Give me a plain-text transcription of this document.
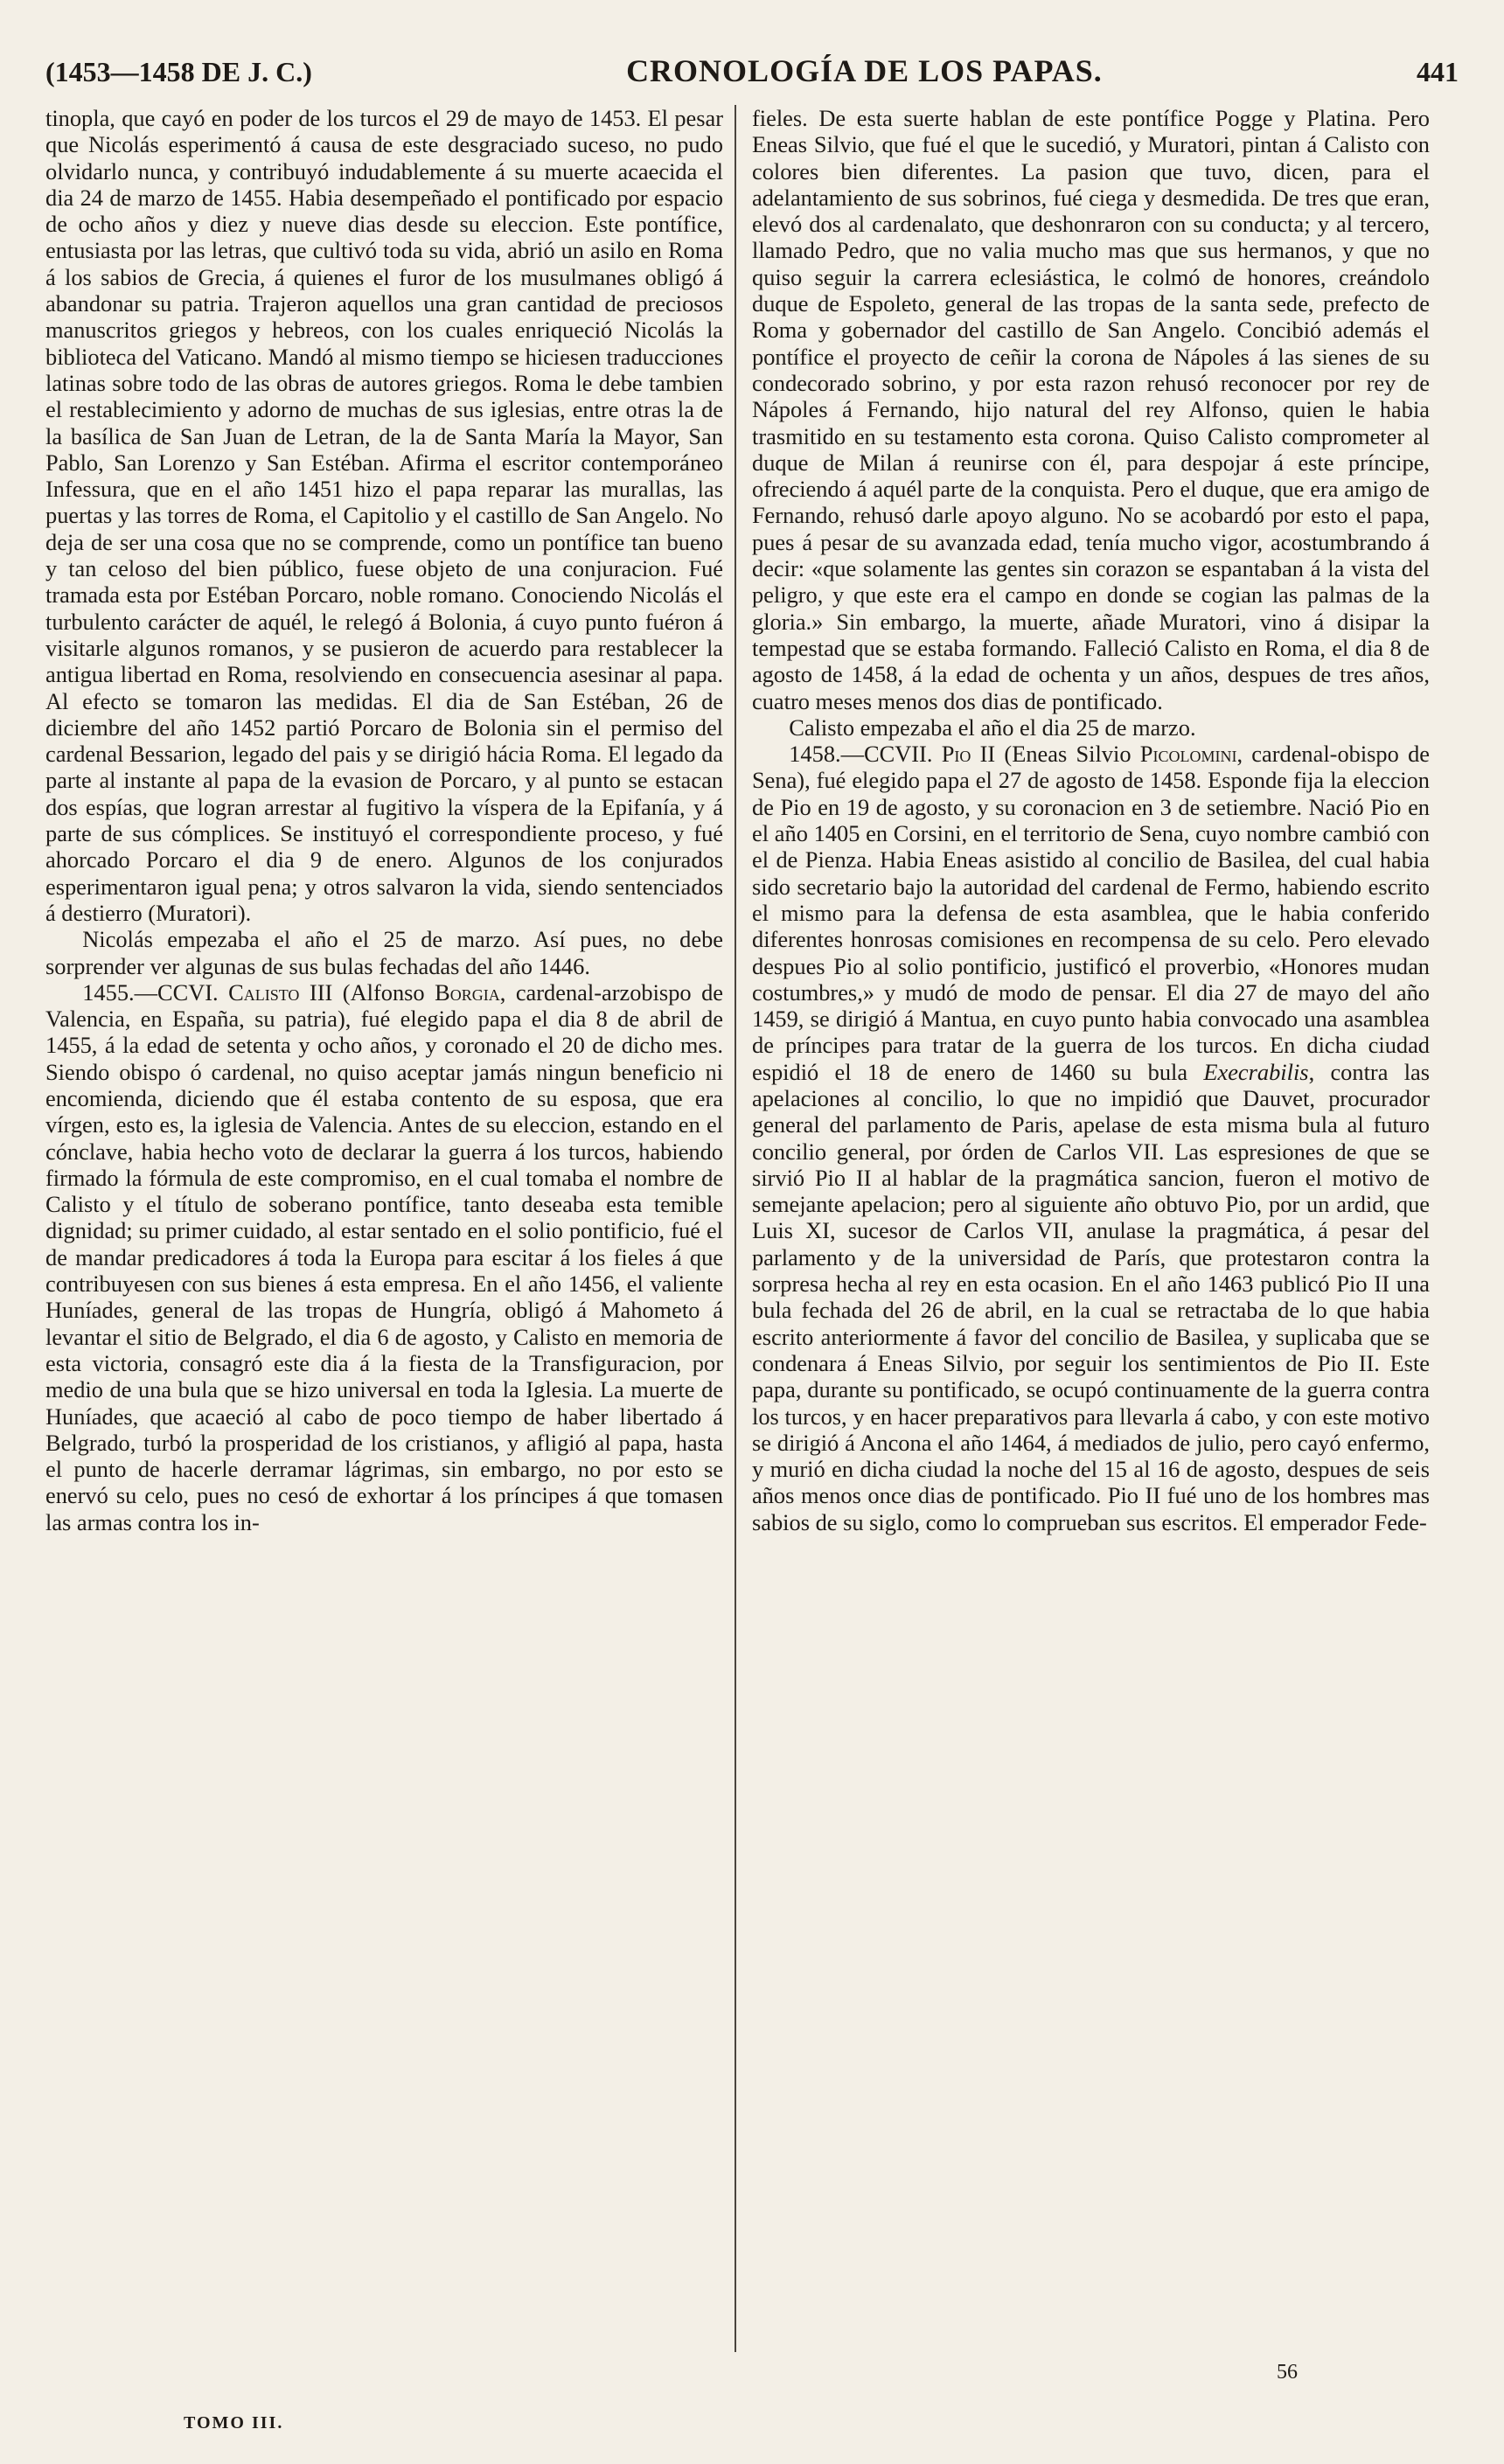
(1453—1458 DE J. C.)	CRONOLOGÍA DE LOS PAPAS.	441

tinopla, que cayó en poder de los turcos el 29 de mayo de 1453. El pesar que Nicolás esperimentó á causa de este desgraciado suceso, no pudo olvidarlo nunca, y contribuyó indudablemente á su muerte acaecida el dia 24 de marzo de 1455. Habia desempeñado el pontificado por espacio de ocho años y diez y nueve dias desde su eleccion. Este pontífice, entusiasta por las letras, que cultivó toda su vida, abrió un asilo en Roma á los sabios de Grecia, á quienes el furor de los musulmanes obligó á abandonar su patria. Trajeron aquellos una gran cantidad de preciosos manuscritos griegos y hebreos, con los cuales enriqueció Nicolás la biblioteca del Vaticano. Mandó al mismo tiempo se hiciesen traducciones latinas sobre todo de las obras de autores griegos. Roma le debe tambien el restablecimiento y adorno de muchas de sus iglesias, entre otras la de la basílica de San Juan de Letran, de la de Santa María la Mayor, San Pablo, San Lorenzo y San Estéban. Afirma el escritor contemporáneo Infessura, que en el año 1451 hizo el papa reparar las murallas, las puertas y las torres de Roma, el Capitolio y el castillo de San Angelo. No deja de ser una cosa que no se comprende, como un pontífice tan bueno y tan celoso del bien público, fuese objeto de una conjuracion. Fué tramada esta por Estéban Porcaro, noble romano. Conociendo Nicolás el turbulento carácter de aquél, le relegó á Bolonia, á cuyo punto fuéron á visitarle algunos romanos, y se pusieron de acuerdo para restablecer la antigua libertad en Roma, resolviendo en consecuencia asesinar al papa. Al efecto se tomaron las medidas. El dia de San Estéban, 26 de diciembre del año 1452 partió Porcaro de Bolonia sin el permiso del cardenal Bessarion, legado del pais y se dirigió hácia Roma. El legado da parte al instante al papa de la evasion de Porcaro, y al punto se estacan dos espías, que logran arrestar al fugitivo la víspera de la Epifanía, y á parte de sus cómplices. Se instituyó el correspondiente proceso, y fué ahorcado Porcaro el dia 9 de enero. Algunos de los conjurados esperimentaron igual pena; y otros salvaron la vida, siendo sentenciados á destierro (Muratori).

Nicolás empezaba el año el 25 de marzo. Así pues, no debe sorprender ver algunas de sus bulas fechadas del año 1446.

1455.—CCVI. Calisto III (Alfonso Borgia, cardenal-arzobispo de Valencia, en España, su patria), fué elegido papa el dia 8 de abril de 1455, á la edad de setenta y ocho años, y coronado el 20 de dicho mes. Siendo obispo ó cardenal, no quiso aceptar jamás ningun beneficio ni encomienda, diciendo que él estaba contento de su esposa, que era vírgen, esto es, la iglesia de Valencia. Antes de su eleccion, estando en el cónclave, habia hecho voto de declarar la guerra á los turcos, habiendo firmado la fórmula de este compromiso, en el cual tomaba el nombre de Calisto y el título de soberano pontífice, tanto deseaba esta temible dignidad; su primer cuidado, al estar sentado en el solio pontificio, fué el de mandar predicadores á toda la Europa para escitar á los fieles á que contribuyesen con sus bienes á esta empresa. En el año 1456, el valiente Huníades, general de las tropas de Hungría, obligó á Mahometo á levantar el sitio de Belgrado, el dia 6 de agosto, y Calisto en memoria de esta victoria, consagró este dia á la fiesta de la Transfiguracion, por medio de una bula que se hizo universal en toda la Iglesia. La muerte de Huníades, que acaeció al cabo de poco tiempo de haber libertado á Belgrado, turbó la prosperidad de los cristianos, y afligió al papa, hasta el punto de hacerle derramar lágrimas, sin embargo, no por esto se enervó su celo, pues no cesó de exhortar á los príncipes á que tomasen las armas contra los in-

fieles. De esta suerte hablan de este pontífice Pogge y Platina. Pero Eneas Silvio, que fué el que le sucedió, y Muratori, pintan á Calisto con colores bien diferentes. La pasion que tuvo, dicen, para el adelantamiento de sus sobrinos, fué ciega y desmedida. De tres que eran, elevó dos al cardenalato, que deshonraron con su conducta; y al tercero, llamado Pedro, que no valia mucho mas que sus hermanos, y que no quiso seguir la carrera eclesiástica, le colmó de honores, creándolo duque de Espoleto, general de las tropas de la santa sede, prefecto de Roma y gobernador del castillo de San Angelo. Concibió además el pontífice el proyecto de ceñir la corona de Nápoles á las sienes de su condecorado sobrino, y por esta razon rehusó reconocer por rey de Nápoles á Fernando, hijo natural del rey Alfonso, quien le habia trasmitido en su testamento esta corona. Quiso Calisto comprometer al duque de Milan á reunirse con él, para despojar á este príncipe, ofreciendo á aquél parte de la conquista. Pero el duque, que era amigo de Fernando, rehusó darle apoyo alguno. No se acobardó por esto el papa, pues á pesar de su avanzada edad, tenía mucho vigor, acostumbrando á decir: «que solamente las gentes sin corazon se espantaban á la vista del peligro, y que este era el campo en donde se cogian las palmas de la gloria.» Sin embargo, la muerte, añade Muratori, vino á disipar la tempestad que se estaba formando. Falleció Calisto en Roma, el dia 8 de agosto de 1458, á la edad de ochenta y un años, despues de tres años, cuatro meses menos dos dias de pontificado.

Calisto empezaba el año el dia 25 de marzo.

1458.—CCVII. Pio II (Eneas Silvio Picolomini, cardenal-obispo de Sena), fué elegido papa el 27 de agosto de 1458. Esponde fija la eleccion de Pio en 19 de agosto, y su coronacion en 3 de setiembre. Nació Pio en el año 1405 en Corsini, en el territorio de Sena, cuyo nombre cambió con el de Pienza. Habia Eneas asistido al concilio de Basilea, del cual habia sido secretario bajo la autoridad del cardenal de Fermo, habiendo escrito el mismo para la defensa de esta asamblea, que le habia conferido diferentes honrosas comisiones en recompensa de su celo. Pero elevado despues Pio al solio pontificio, justificó el proverbio, «Honores mudan costumbres,» y mudó de modo de pensar. El dia 27 de mayo del año 1459, se dirigió á Mantua, en cuyo punto habia convocado una asamblea de príncipes para tratar de la guerra de los turcos. En dicha ciudad espidió el 18 de enero de 1460 su bula Execrabilis, contra las apelaciones al concilio, lo que no impidió que Dauvet, procurador general del parlamento de Paris, apelase de esta misma bula al futuro concilio general, por órden de Carlos VII. Las espresiones de que se sirvió Pio II al hablar de la pragmática sancion, fueron el motivo de semejante apelacion; pero al siguiente año obtuvo Pio, por un ardid, que Luis XI, sucesor de Carlos VII, anulase la pragmática, á pesar del parlamento y de la universidad de París, que protestaron contra la sorpresa hecha al rey en esta ocasion. En el año 1463 publicó Pio II una bula fechada del 26 de abril, en la cual se retractaba de lo que habia escrito anteriormente á favor del concilio de Basilea, y suplicaba que se condenara á Eneas Silvio, por seguir los sentimientos de Pio II. Este papa, durante su pontificado, se ocupó continuamente de la guerra contra los turcos, y en hacer preparativos para llevarla á cabo, y con este motivo se dirigió á Ancona el año 1464, á mediados de julio, pero cayó enfermo, y murió en dicha ciudad la noche del 15 al 16 de agosto, despues de seis años menos once dias de pontificado. Pio II fué uno de los hombres mas sabios de su siglo, como lo comprueban sus escritos. El emperador Fede-

TOMO III.
56
